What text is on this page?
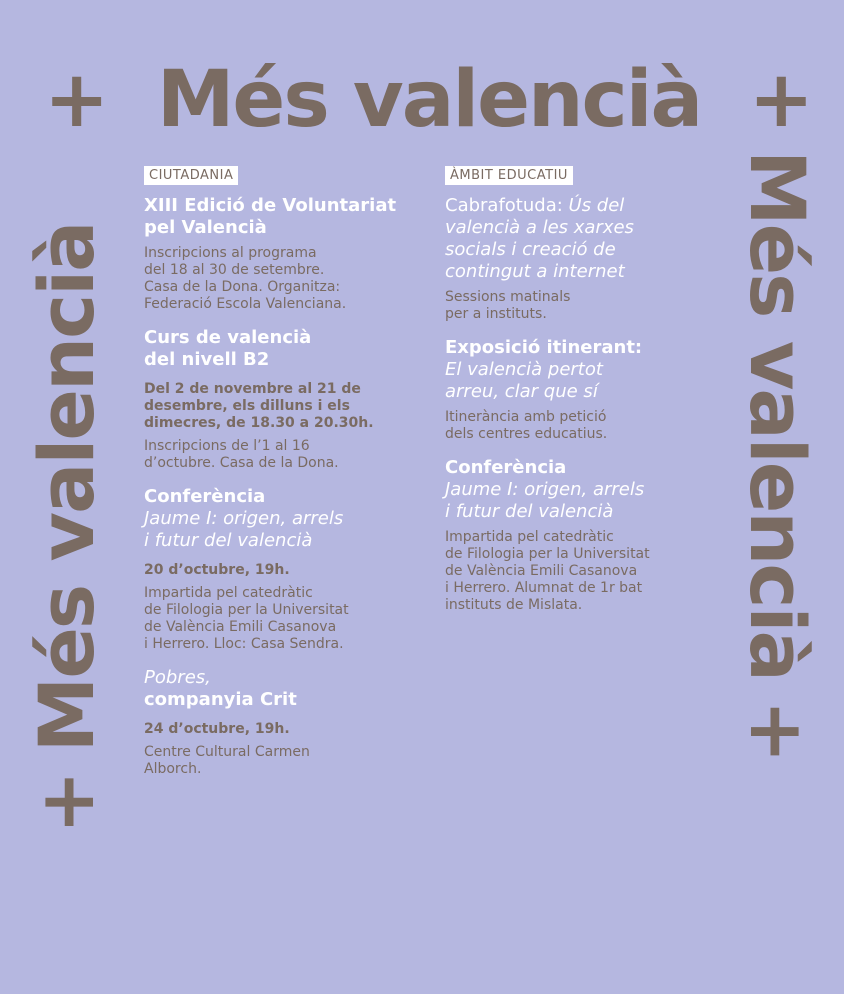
+ Més valencià +
+
Més valencià	Més valencià
+
CIUTADANIA
XIII Edició de Voluntariat
pel Valencià
Inscripcions al programa
del 18 al 30 de setembre.
Casa de la Dona. Organitza:
Federació Escola Valenciana.
Curs de valencià
del nivell B2
Del 2 de novembre al 21 de
desembre, els dilluns i els
dimecres, de 18.30 a 20.30h.
Inscripcions de l’1 al 16
d’octubre. Casa de la Dona.
Conferència
Jaume I: origen, arrels
i futur del valencià
20 d’octubre, 19h.
Impartida pel catedràtic
de Filologia per la Universitat
de València Emili Casanova
i Herrero. Lloc: Casa Sendra.
Pobres,
companyia Crit
24 d’octubre, 19h.
Centre Cultural Carmen
Alborch.
ÀMBIT EDUCATIU
Cabrafotuda: Ús del
valencià a les xarxes
socials i creació de
contingut a internet
Sessions matinals
per a instituts.
Exposició itinerant:
El valencià pertot
arreu, clar que sí
Itinerància amb petició
dels centres educatius.
Conferència
Jaume I: origen, arrels
i futur del valencià
Impartida pel catedràtic
de Filologia per la Universitat
de València Emili Casanova
i Herrero. Alumnat de 1r bat
instituts de Mislata.
